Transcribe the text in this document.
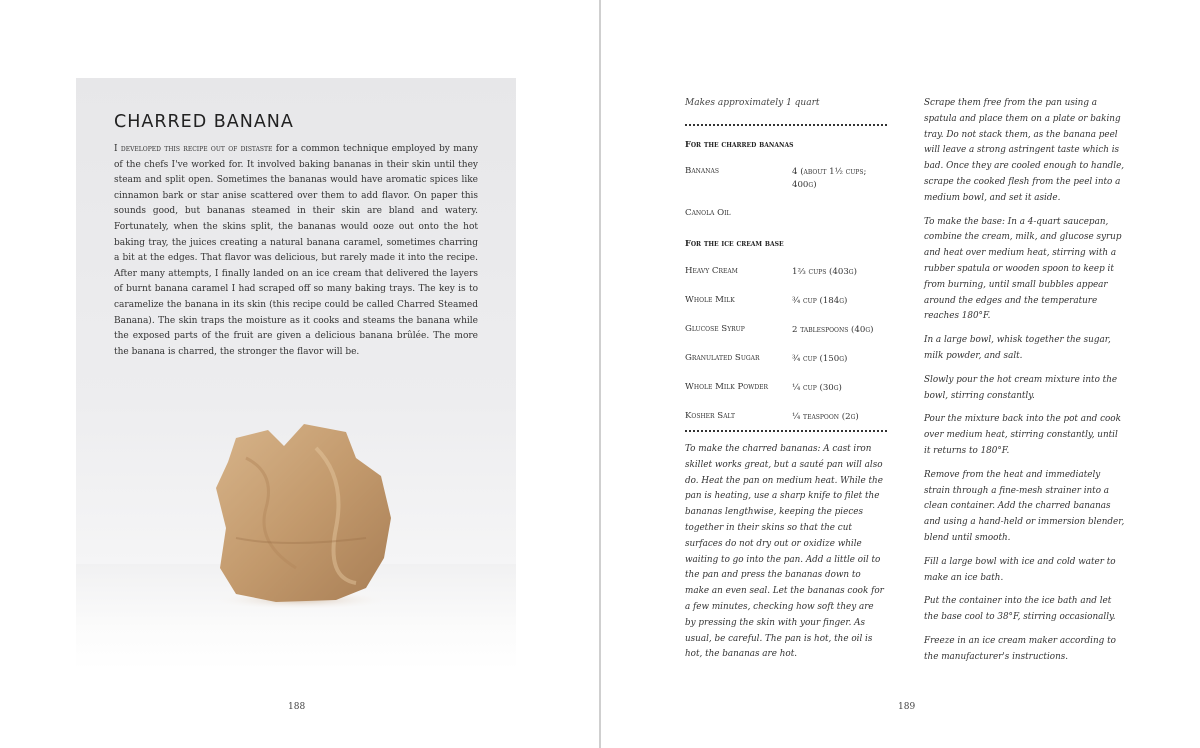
CHARRED BANANA

I developed this recipe out of distaste for a common technique employed by many of the chefs I've worked for. It involved baking bananas in their skin until they steam and split open. Sometimes the bananas would have aromatic spices like cinnamon bark or star anise scattered over them to add flavor. On paper this sounds good, but bananas steamed in their skin are bland and watery. Fortunately, when the skins split, the bananas would ooze out onto the hot baking tray, the juices creating a natural banana caramel, sometimes charring a bit at the edges. That flavor was delicious, but rarely made it into the recipe. After many attempts, I finally landed on an ice cream that delivered the layers of burnt banana caramel I had scraped off so many baking trays. The key is to caramelize the banana in its skin (this recipe could be called Charred Steamed Banana). The skin traps the moisture as it cooks and steams the banana while the exposed parts of the fruit are given a delicious banana brûlée. The more the banana is charred, the stronger the flavor will be.

188

Makes approximately 1 quart

For the charred bananas

Bananas	4 (about 1½ cups; 400g)
Canola Oil

For the ice cream base

Heavy Cream	1⅔ cups (403g)
Whole Milk	¾ cup (184g)
Glucose Syrup	2 tablespoons (40g)
Granulated Sugar	¾ cup (150g)
Whole Milk Powder	¼ cup (30g)
Kosher Salt	¼ teaspoon (2g)

To make the charred bananas: A cast iron skillet works great, but a sauté pan will also do. Heat the pan on medium heat. While the pan is heating, use a sharp knife to filet the bananas lengthwise, keeping the pieces together in their skins so that the cut surfaces do not dry out or oxidize while waiting to go into the pan. Add a little oil to the pan and press the bananas down to make an even seal. Let the bananas cook for a few minutes, checking how soft they are by pressing the skin with your finger. As usual, be careful. The pan is hot, the oil is hot, the bananas are hot.

Scrape them free from the pan using a spatula and place them on a plate or baking tray. Do not stack them, as the banana peel will leave a strong astringent taste which is bad. Once they are cooled enough to handle, scrape the cooked flesh from the peel into a medium bowl, and set it aside.

To make the base: In a 4-quart saucepan, combine the cream, milk, and glucose syrup and heat over medium heat, stirring with a rubber spatula or wooden spoon to keep it from burning, until small bubbles appear around the edges and the temperature reaches 180°F.

In a large bowl, whisk together the sugar, milk powder, and salt.

Slowly pour the hot cream mixture into the bowl, stirring constantly.

Pour the mixture back into the pot and cook over medium heat, stirring constantly, until it returns to 180°F.

Remove from the heat and immediately strain through a fine-mesh strainer into a clean container. Add the charred bananas and using a hand-held or immersion blender, blend until smooth.

Fill a large bowl with ice and cold water to make an ice bath.

Put the container into the ice bath and let the base cool to 38°F, stirring occasionally.

Freeze in an ice cream maker according to the manufacturer's instructions.

189
